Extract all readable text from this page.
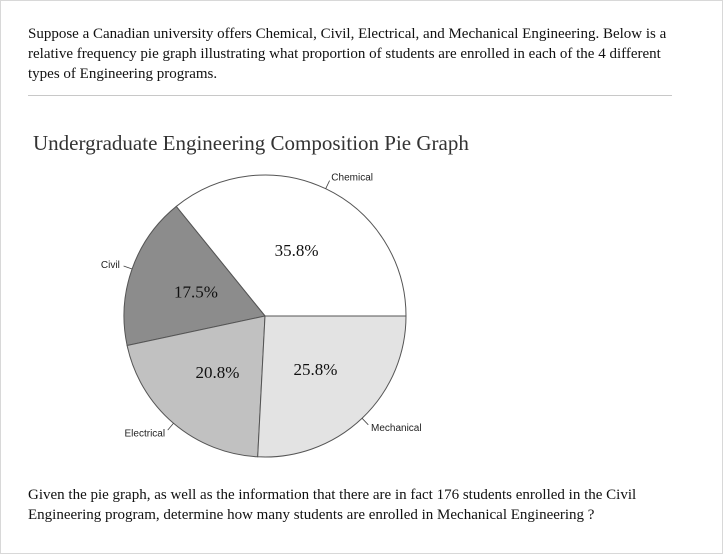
Suppose a Canadian university offers Chemical, Civil, Electrical, and Mechanical Engineering. Below is a relative frequency pie graph illustrating what proportion of students are enrolled in each of the 4 different types of Engineering programs.

Undergraduate Engineering Composition Pie Graph
35.8%
Chemical
17.5%
Civil
20.8%
Electrical
25.8%
Mechanical

Given the pie graph, as well as the information that there are in fact 176 students enrolled in the Civil Engineering program, determine how many students are enrolled in Mechanical Engineering ?
